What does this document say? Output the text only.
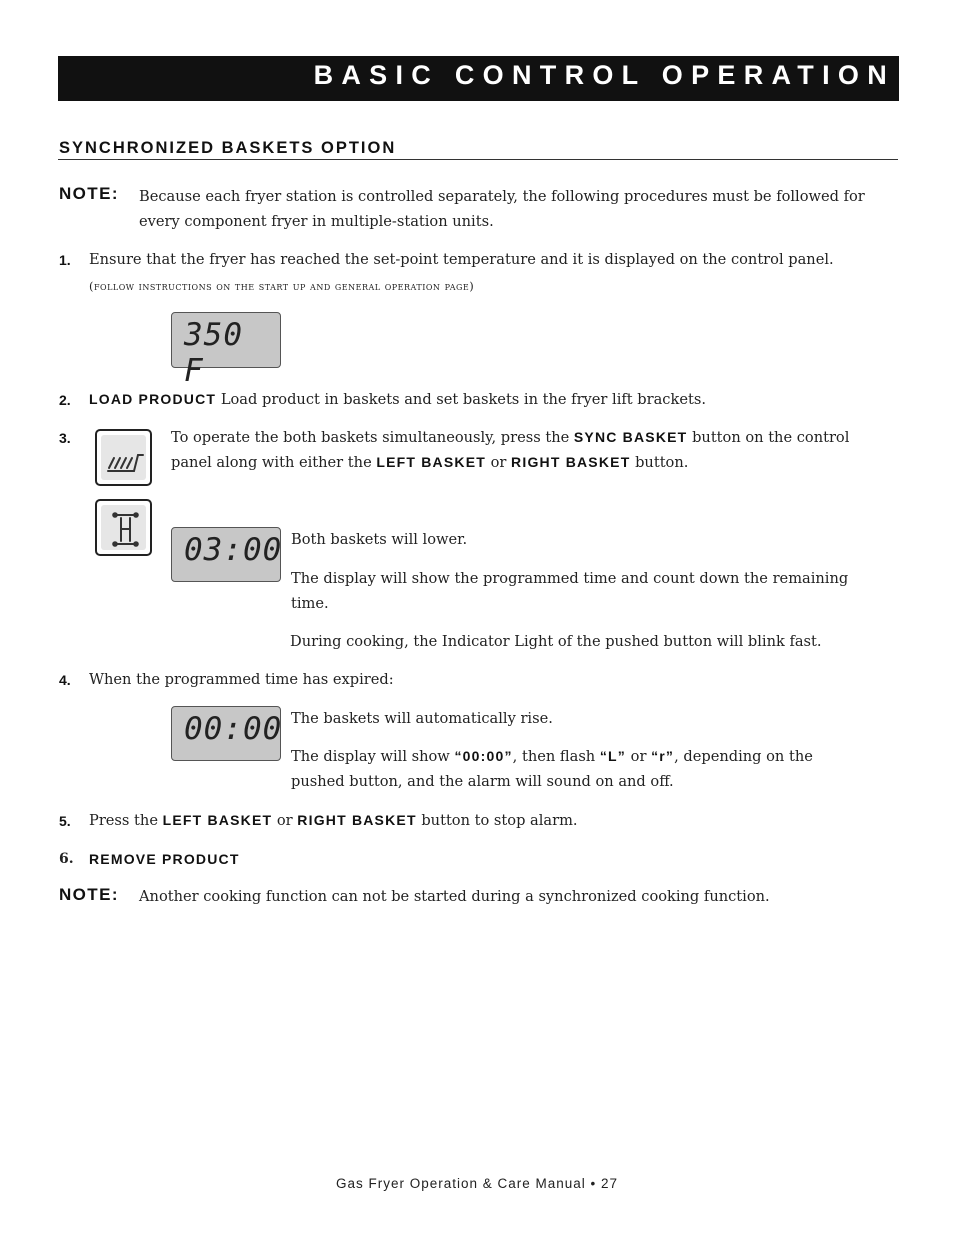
BASIC CONTROL OPERATION
SYNCHRONIZED BASKETS OPTION
NOTE: Because each fryer station is controlled separately, the following procedures must be followed for
every component fryer in multiple-station units.
1. Ensure that the fryer has reached the set-point temperature and it is displayed on the control panel.
(follow instructions on the start up and general operation page)
350 F
2. LOAD PRODUCT Load product in baskets and set baskets in the fryer lift brackets.
3.	To operate the both baskets simultaneously, press the SYNC BASKET button on the control
panel along with either the LEFT BASKET or RIGHT BASKET button.
03:00 Both baskets will lower.
The display will show the programmed time and count down the remaining
time.
During cooking, the Indicator Light of the pushed button will blink fast.
4. When the programmed time has expired:
00:00 The baskets will automatically rise.
The display will show “00:00”, then flash “L” or “r”, depending on the
pushed button, and the alarm will sound on and off.
5. Press the LEFT BASKET or RIGHT BASKET button to stop alarm.
6. REMOVE PRODUCT
NOTE: Another cooking function can not be started during a synchronized cooking function.
Gas Fryer Operation & Care Manual • 27
